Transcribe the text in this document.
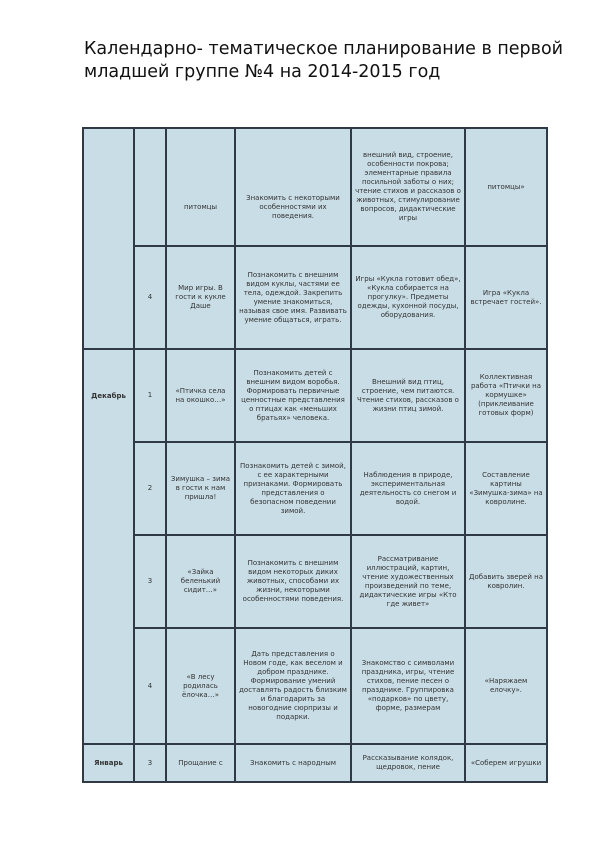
Календарно- тематическое планирование в первой младшей группе №4 на 2014-2015 год

		питомцы	Знакомить с некоторыми особенностями их поведения.	внешний вид, строение, особенности покрова; элементарные правила посильной заботы о них; чтение стихов и рассказов о животных, стимулирование вопросов, дидактические игры	питомцы»
	4	Мир игры. В гости к кукле Даше	Познакомить с внешним видом куклы, частями ее тела, одеждой. Закрепить умение знакомиться, называя свое имя. Развивать умение общаться, играть.	Игры «Кукла готовит обед», «Кукла собирается на прогулку». Предметы одежды, кухонной посуды, оборудования.	Игра «Кукла встречает гостей».

Декабрь	1	«Птичка села на окошко…»	Познакомить детей с внешним видом воробья. Формировать первичные ценностные представления о птицах как «меньших братьях» человека.	Внешний вид птиц, строение, чем питаются. Чтение стихов, рассказов о жизни птиц зимой.	Коллективная работа «Птички на кормушке» (приклеивание готовых форм)
	2	Зимушка – зима в гости к нам пришла!	Познакомить детей с зимой, с ее характерными признаками. Формировать представления о безопасном поведении зимой.	Наблюдения в природе, экспериментальная деятельность со снегом и водой.	Составление картины «Зимушка-зима» на ковролине.
	3	«Зайка беленький сидит…»	Познакомить с внешним видом некоторых диких животных, способами их жизни, некоторыми особенностями поведения.	Рассматривание иллюстраций, картин, чтение художественных произведений по теме, дидактические игры «Кто где живет»	Добавить зверей на ковролин.
	4	«В лесу родилась ёлочка…»	Дать представления о Новом годе, как веселом и добром празднике. Формирование умений доставлять радость близким и благодарить за новогодние сюрпризы и подарки.	Знакомство с символами праздника, игры, чтение стихов, пение песен о празднике. Группировка «подарков» по цвету, форме, размерам	«Наряжаем елочку».
Январь	3	Прощание с	Знакомить с народным	Рассказывание колядок, щедровок, пение	«Соберем игрушки
